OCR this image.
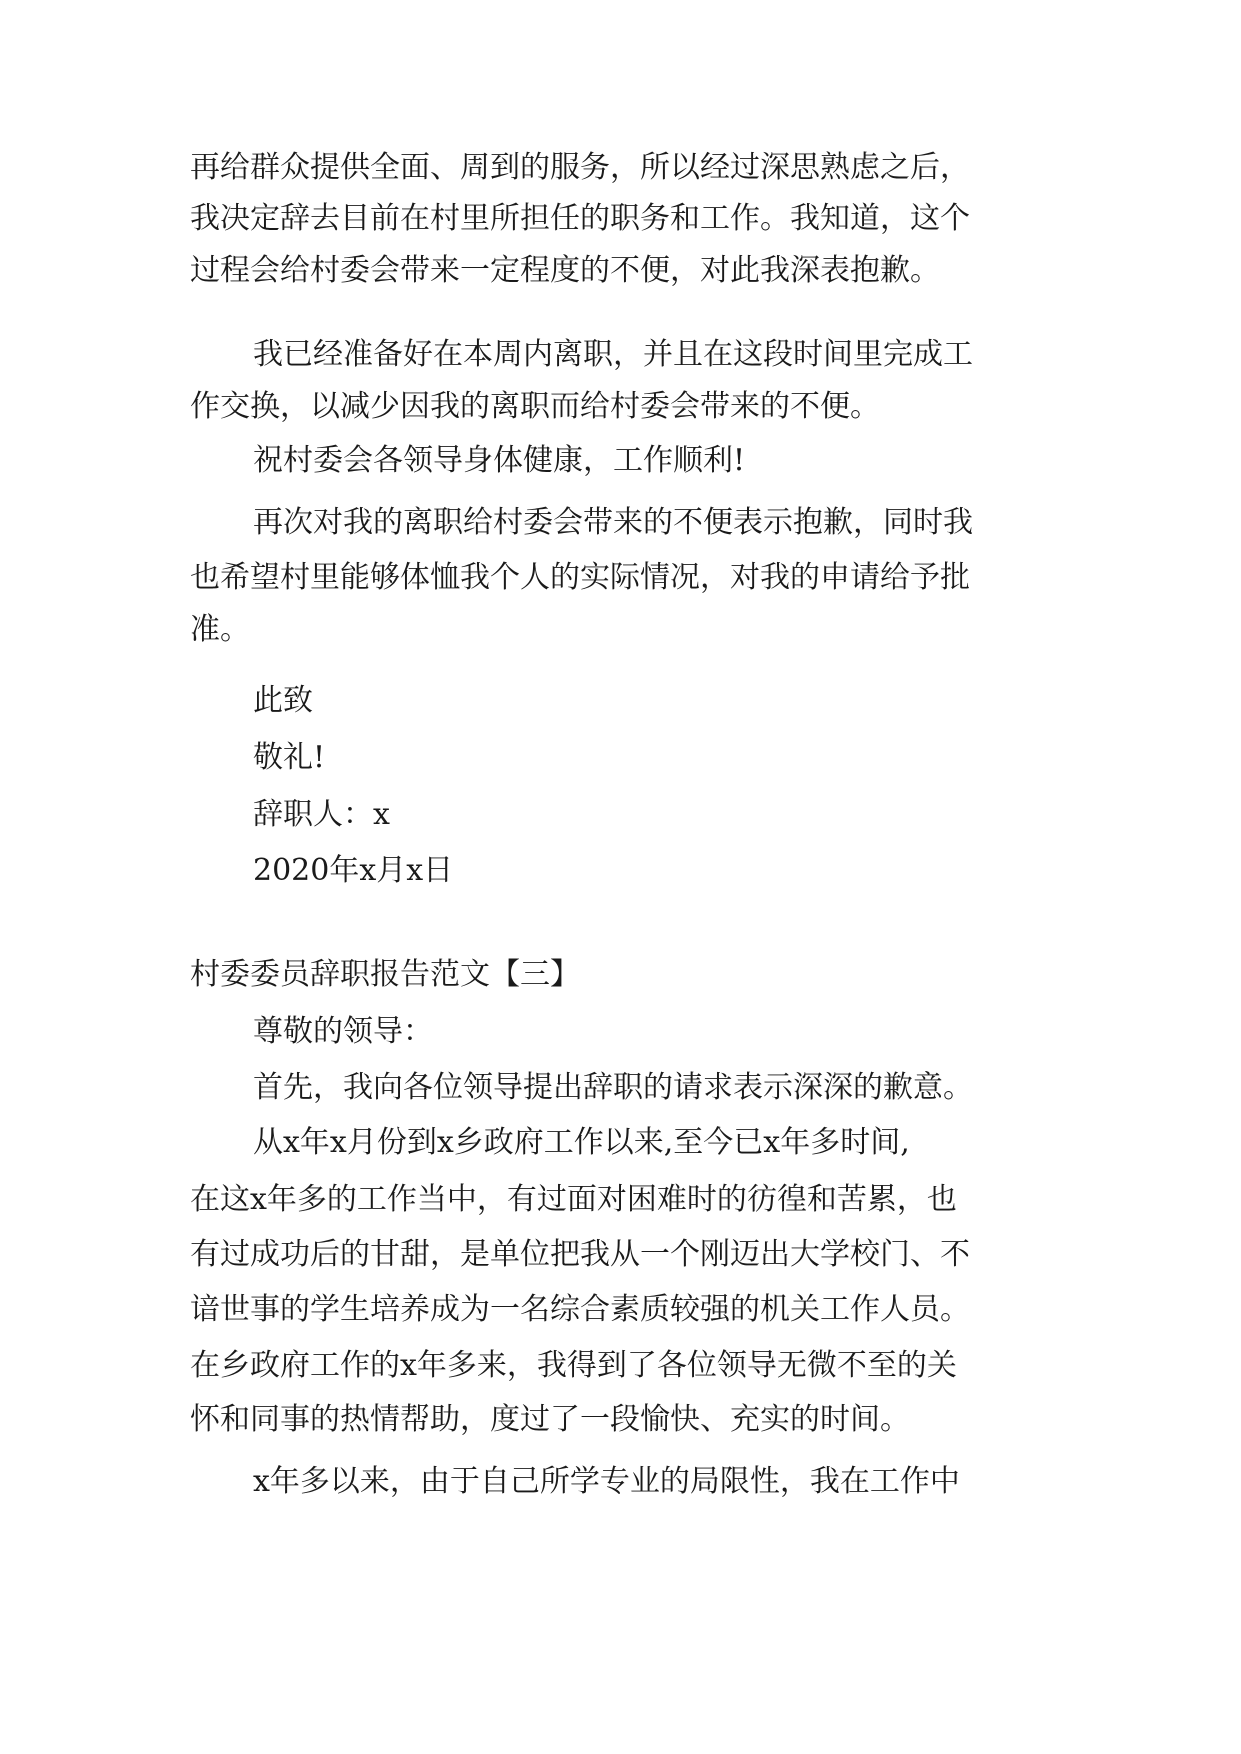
再给群众提供全面、周到的服务，所以经过深思熟虑之后，

我决定辞去目前在村里所担任的职务和工作。我知道，这个

过程会给村委会带来一定程度的不便，对此我深表抱歉。

我已经准备好在本周内离职，并且在这段时间里完成工

作交换，以减少因我的离职而给村委会带来的不便。

祝村委会各领导身体健康，工作顺利!

再次对我的离职给村委会带来的不便表示抱歉，同时我

也希望村里能够体恤我个人的实际情况，对我的申请给予批

准。

此致

敬礼!

辞职人：x

2020年x月x日

村委委员辞职报告范文【三】

尊敬的领导：

首先，我向各位领导提出辞职的请求表示深深的歉意。

从x年x月份到x乡政府工作以来,至今已x年多时间,

在这x年多的工作当中，有过面对困难时的彷徨和苦累，也

有过成功后的甘甜，是单位把我从一个刚迈出大学校门、不

谙世事的学生培养成为一名综合素质较强的机关工作人员。

在乡政府工作的x年多来，我得到了各位领导无微不至的关

怀和同事的热情帮助，度过了一段愉快、充实的时间。

x年多以来，由于自己所学专业的局限性，我在工作中
